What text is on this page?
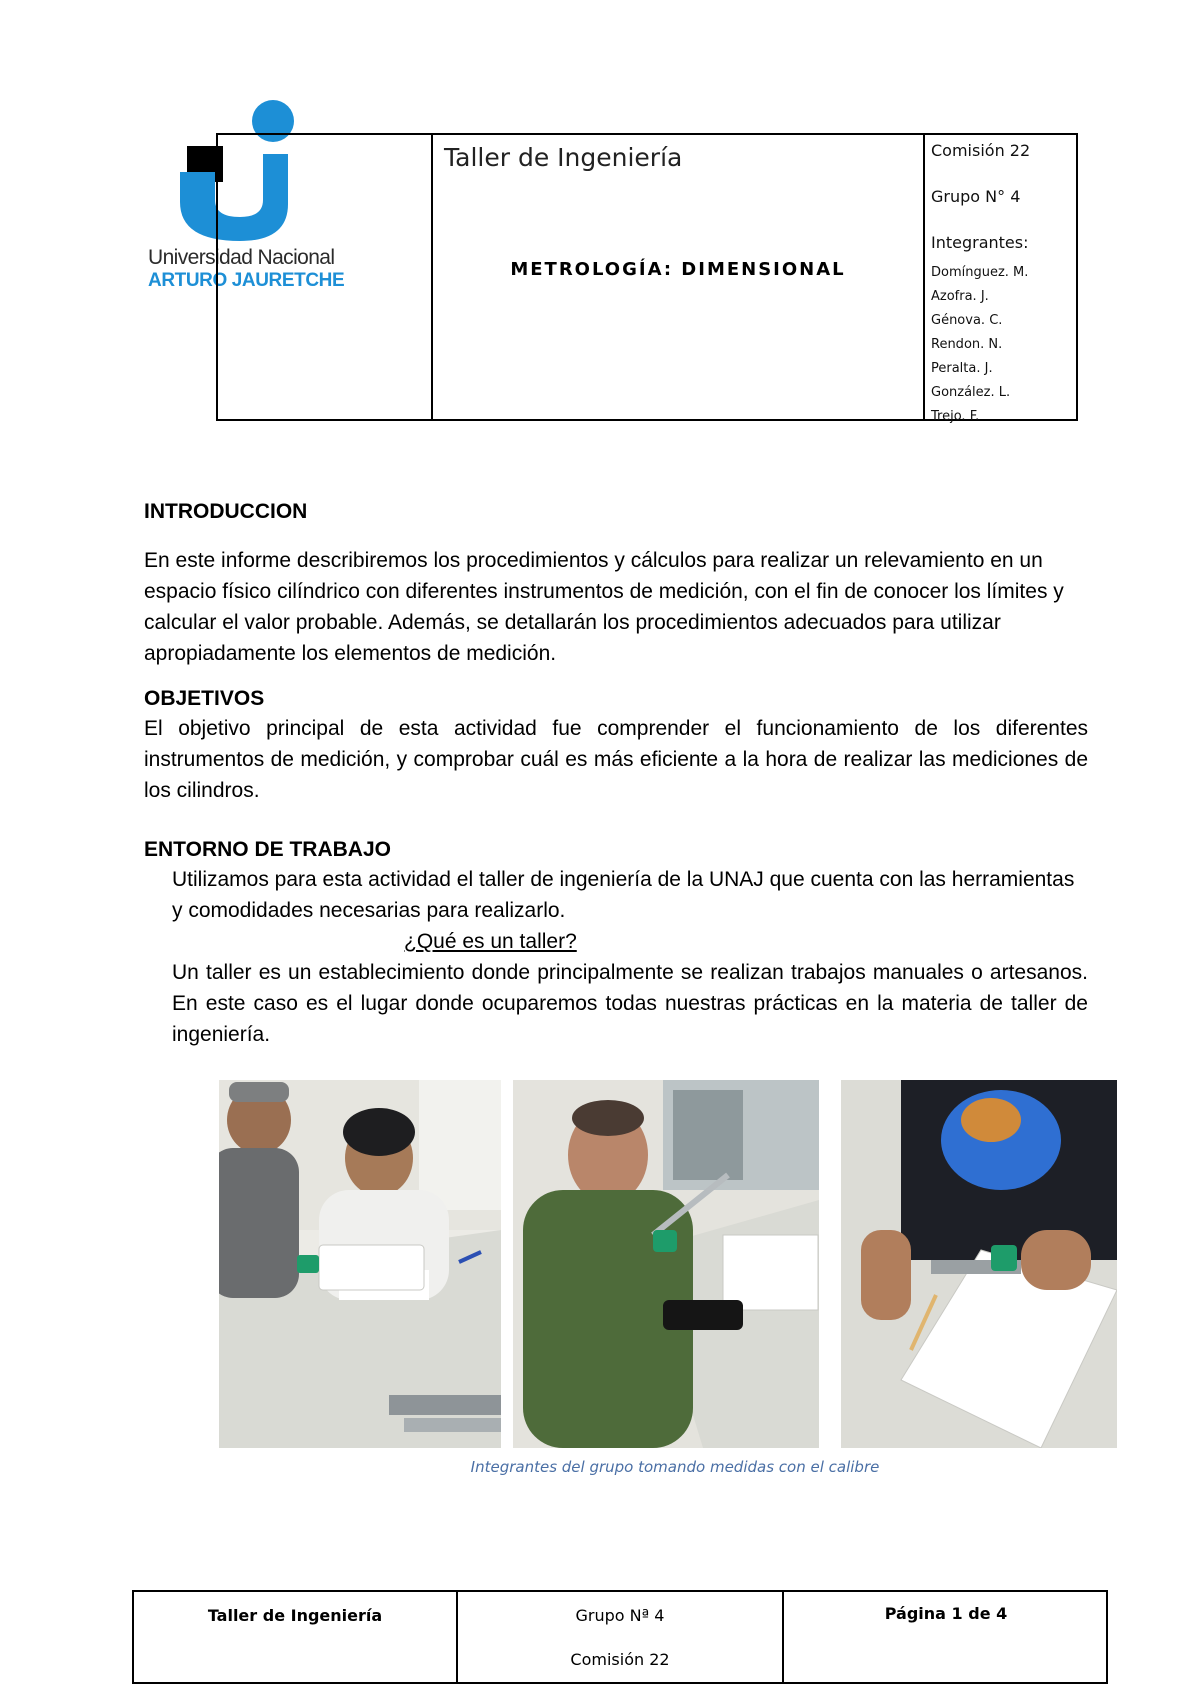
Universidad Nacional
ARTURO JAURETCHE
Taller de Ingeniería
METROLOGÍA: DIMENSIONAL
Comisión 22
Grupo N° 4
Integrantes:
Domínguez. M.
Azofra. J.
Génova. C.
Rendon. N.
Peralta. J.
González. L.
Trejo. F.
INTRODUCCION
En este informe describiremos los procedimientos y cálculos para realizar un relevamiento en un espacio físico cilíndrico con diferentes instrumentos de medición, con el fin de conocer los límites y calcular el valor probable. Además, se detallarán los procedimientos adecuados para utilizar apropiadamente los elementos de medición.
OBJETIVOS
El objetivo principal de esta actividad fue comprender el funcionamiento de los diferentes instrumentos de medición, y comprobar cuál es más eficiente a la hora de realizar las mediciones de los cilindros.
ENTORNO DE TRABAJO
Utilizamos para esta actividad el taller de ingeniería de la UNAJ que cuenta con las herramientas y comodidades necesarias para realizarlo.
¿Qué es un taller?
Un taller es un establecimiento donde principalmente se realizan trabajos manuales o artesanos. En este caso es el lugar donde ocuparemos todas nuestras prácticas en la materia de taller de ingeniería.
Integrantes del grupo tomando medidas con el calibre
Taller de Ingeniería	Grupo Nª 4
Comisión 22
Página 1 de 4
